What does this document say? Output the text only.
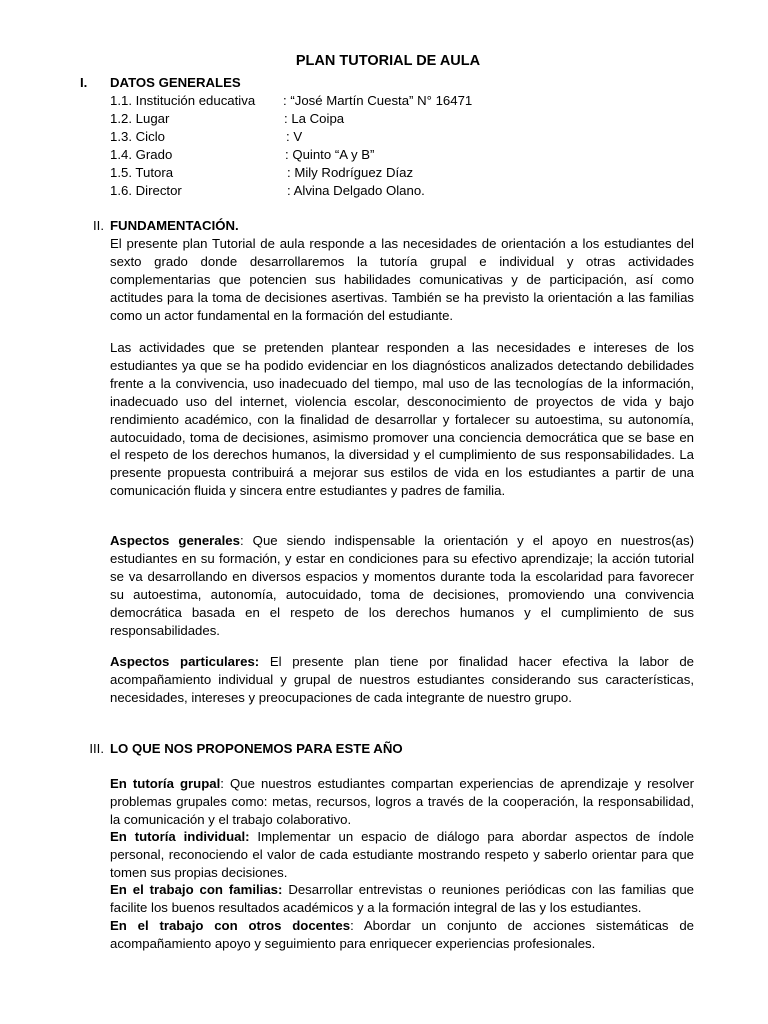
PLAN TUTORIAL DE AULA
I. DATOS GENERALES
1.1. Institución educativa : “José Martín Cuesta” N° 16471
1.2. Lugar	: La Coipa
1.3. Ciclo	: V
1.4. Grado	: Quinto “A y B”
1.5. Tutora	: Mily Rodríguez Díaz
1.6. Director	: Alvina Delgado Olano.
II. FUNDAMENTACIÓN.

El presente plan Tutorial de aula responde a las necesidades de orientación a los estudiantes del sexto grado donde desarrollaremos la tutoría grupal e individual y otras actividades complementarias que potencien sus habilidades comunicativas y de participación, así como actitudes para la toma de decisiones asertivas. También se ha previsto la orientación a las familias como un actor fundamental en la formación del estudiante.

Las actividades que se pretenden plantear responden a las necesidades e intereses de los estudiantes ya que se ha podido evidenciar en los diagnósticos analizados detectando debilidades frente a la convivencia, uso inadecuado del tiempo, mal uso de las tecnologías de la información, inadecuado uso del internet, violencia escolar, desconocimiento de proyectos de vida y bajo rendimiento académico, con la finalidad de desarrollar y fortalecer su autoestima, su autonomía, autocuidado, toma de decisiones, asimismo promover una conciencia democrática que se base en el respeto de los derechos humanos, la diversidad y el cumplimiento de sus responsabilidades. La presente propuesta contribuirá a mejorar sus estilos de vida en los estudiantes a partir de una comunicación fluida y sincera entre estudiantes y padres de familia.

Aspectos generales: Que siendo indispensable la orientación y el apoyo en nuestros(as) estudiantes en su formación, y estar en condiciones para su efectivo aprendizaje; la acción tutorial se va desarrollando en diversos espacios y momentos durante toda la escolaridad para favorecer su autoestima, autonomía, autocuidado, toma de decisiones, promoviendo una convivencia democrática basada en el respeto de los derechos humanos y el cumplimiento de sus responsabilidades.

Aspectos particulares: El presente plan tiene por finalidad hacer efectiva la labor de acompañamiento individual y grupal de nuestros estudiantes considerando sus características, necesidades, intereses y preocupaciones de cada integrante de nuestro grupo.

III. LO QUE NOS PROPONEMOS PARA ESTE AÑO

En tutoría grupal: Que nuestros estudiantes compartan experiencias de aprendizaje y resolver problemas grupales como: metas, recursos, logros a través de la cooperación, la responsabilidad, la comunicación y el trabajo colaborativo.

En tutoría individual: Implementar un espacio de diálogo para abordar aspectos de índole personal, reconociendo el valor de cada estudiante mostrando respeto y saberlo orientar para que tomen sus propias decisiones.

En el trabajo con familias: Desarrollar entrevistas o reuniones periódicas con las familias que facilite los buenos resultados académicos y a la formación integral de las y los estudiantes.

En el trabajo con otros docentes: Abordar un conjunto de acciones sistemáticas de acompañamiento apoyo y seguimiento para enriquecer experiencias profesionales.
